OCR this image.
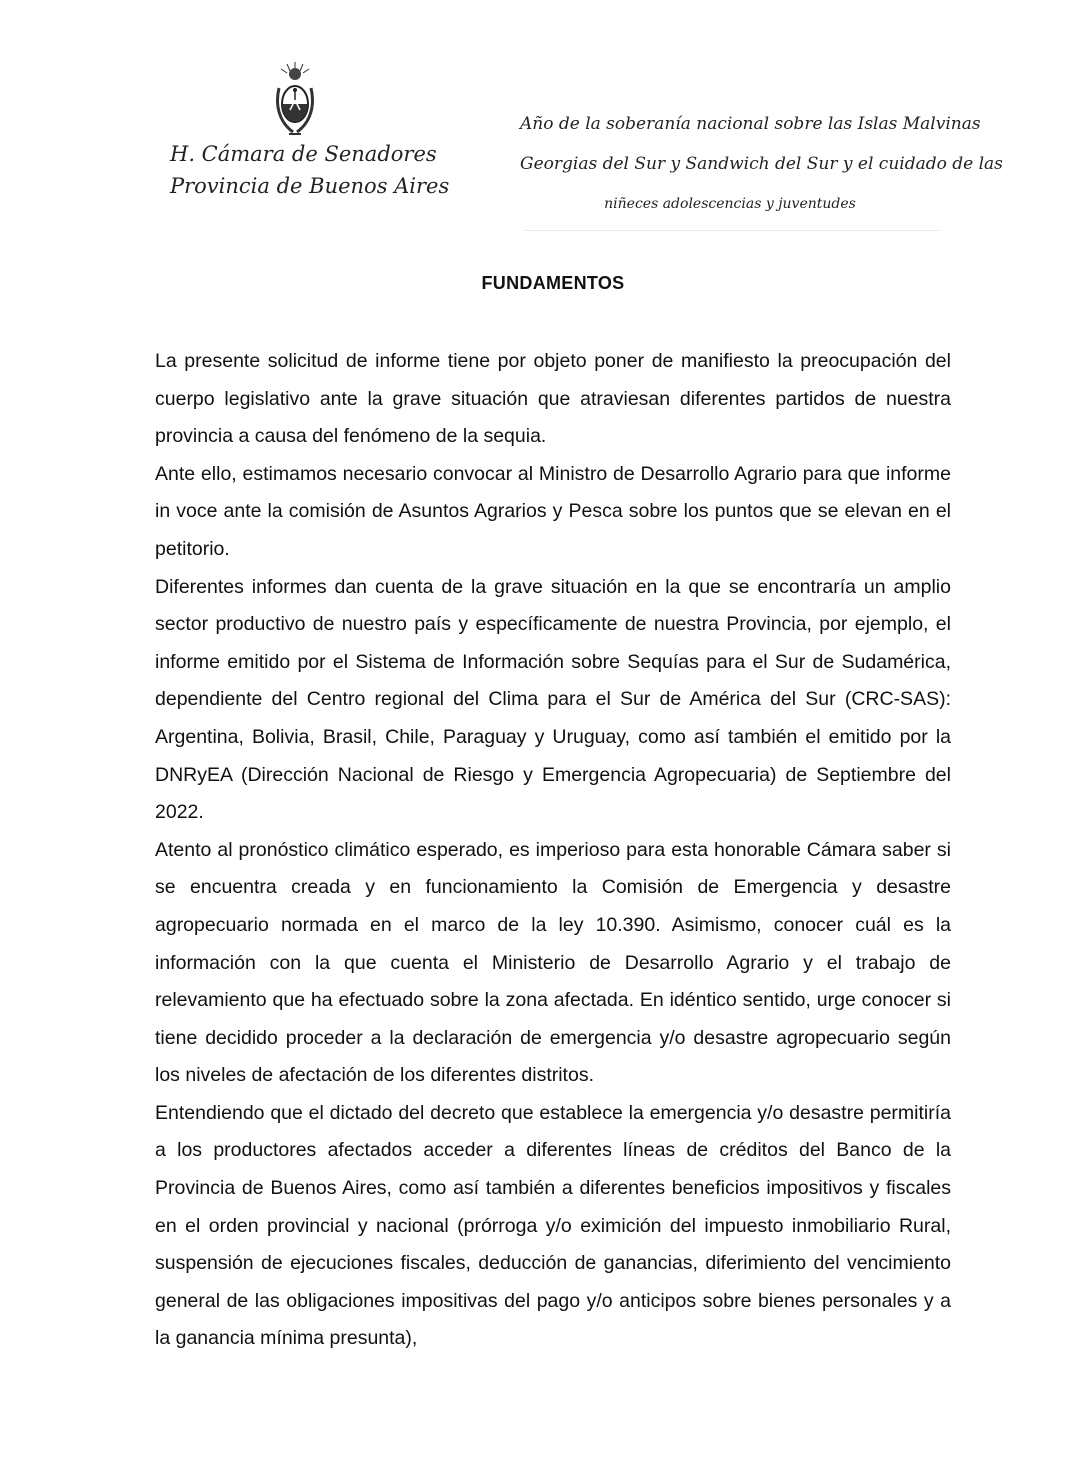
H. Cámara de Senadores
Provincia de Buenos Aires
Año de la soberanía nacional sobre las Islas Malvinas
Georgias del Sur y Sandwich del Sur y el cuidado de las
niñeces adolescencias y juventudes
FUNDAMENTOS

La presente solicitud de informe tiene por objeto poner de manifiesto la preocupación del cuerpo legislativo ante la grave situación que atraviesan diferentes partidos de nuestra provincia a causa del fenómeno de la sequia.

Ante ello, estimamos necesario convocar al Ministro de Desarrollo Agrario para que informe in voce ante la comisión de Asuntos Agrarios y Pesca sobre los puntos que se elevan en el petitorio.

Diferentes informes dan cuenta de la grave situación en la que se encontraría un amplio sector productivo de nuestro país y específicamente de nuestra Provincia, por ejemplo, el informe emitido por el Sistema de Información sobre Sequías para el Sur de Sudamérica, dependiente del Centro regional del Clima para el Sur de América del Sur (CRC-SAS): Argentina, Bolivia, Brasil, Chile, Paraguay y Uruguay, como así también el emitido por la DNRyEA (Dirección Nacional de Riesgo y Emergencia Agropecuaria) de Septiembre del 2022.

Atento al pronóstico climático esperado, es imperioso para esta honorable Cámara saber si se encuentra creada y en funcionamiento la Comisión de Emergencia y desastre agropecuario normada en el marco de la ley 10.390. Asimismo, conocer cuál es la información con la que cuenta el Ministerio de Desarrollo Agrario y el trabajo de relevamiento que ha efectuado sobre la zona afectada. En idéntico sentido, urge conocer si tiene decidido proceder a la declaración de emergencia y/o desastre agropecuario según los niveles de afectación de los diferentes distritos.

Entendiendo que el dictado del decreto que establece la emergencia y/o desastre permitiría a los productores afectados acceder a diferentes líneas de créditos del Banco de la Provincia de Buenos Aires, como así también a diferentes beneficios impositivos y fiscales en el orden provincial y nacional (prórroga y/o eximición del impuesto inmobiliario Rural, suspensión de ejecuciones fiscales, deducción de ganancias, diferimiento del vencimiento general de las obligaciones impositivas del pago y/o anticipos sobre bienes personales y a la ganancia mínima presunta),
